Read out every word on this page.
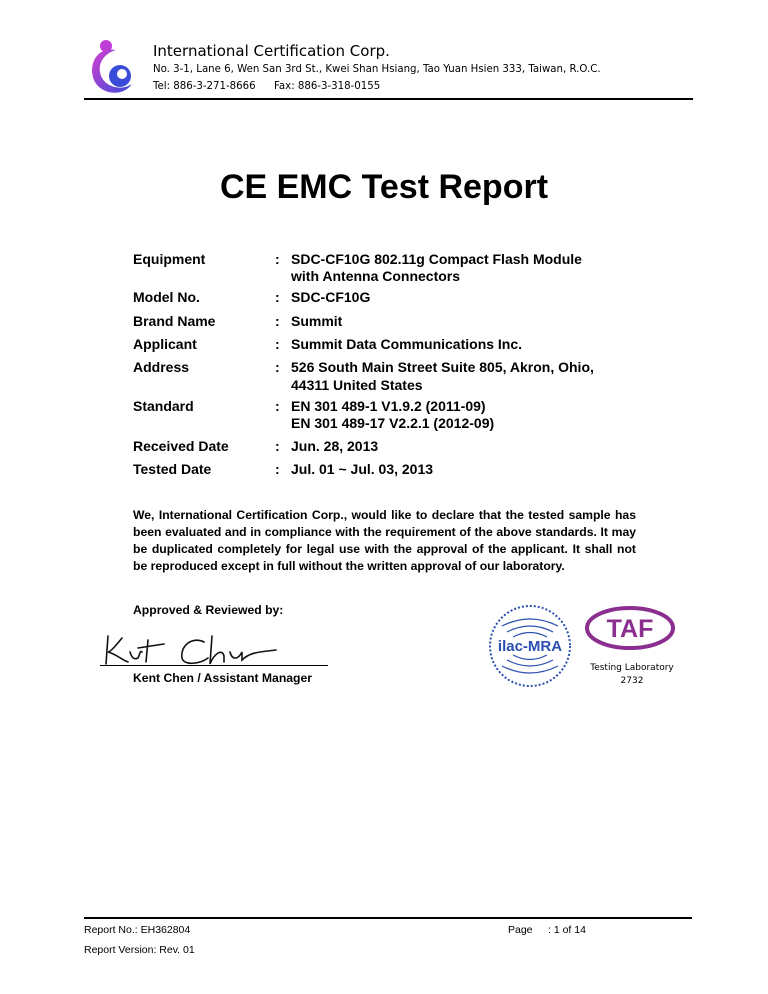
International Certification Corp.
No. 3-1, Lane 6, Wen San 3rd St., Kwei Shan Hsiang, Tao Yuan Hsien 333, Taiwan, R.O.C.
Tel: 886-3-271-8666 Fax: 886-3-318-0155
CE EMC Test Report
Equipment	: SDC-CF10G 802.11g Compact Flash Module
with Antenna Connectors
Model No.	: SDC-CF10G
Brand Name	: Summit
Applicant	: Summit Data Communications Inc.
Address	: 526 South Main Street Suite 805, Akron, Ohio,
44311 United States
Standard	: EN 301 489-1 V1.9.2 (2011-09)
EN 301 489-17 V2.2.1 (2012-09)
Received Date	: Jun. 28, 2013
Tested Date	: Jul. 01 ~ Jul. 03, 2013
We, International Certification Corp., would like to declare that the tested sample has been evaluated and in compliance with the requirement of the above standards. It may be duplicated completely for legal use with the approval of the applicant. It shall not be reproduced except in full without the written approval of our laboratory.
Approved & Reviewed by:
Kent Chen / Assistant Manager
ilac-MRA
TAF
Testing Laboratory
2732
Report No.: EH362804
Report Version: Rev. 01
Page : 1 of 14
